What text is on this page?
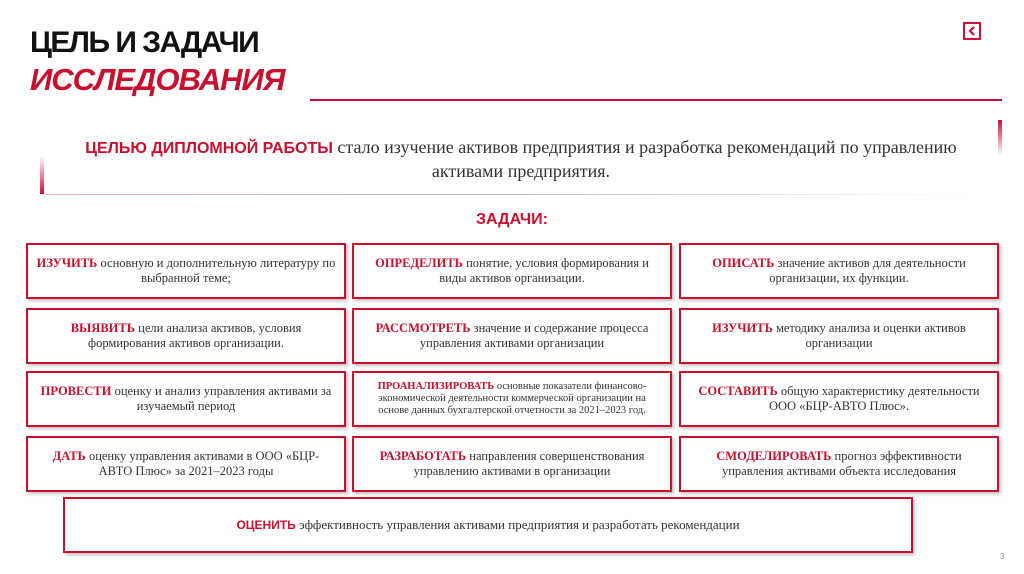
ЦЕЛЬ И ЗАДАЧИ
ИССЛЕДОВАНИЯ
ЦЕЛЬЮ ДИПЛОМНОЙ РАБОТЫ стало изучение активов предприятия и разработка рекомендаций по управлению активами предприятия.
ЗАДАЧИ:
ИЗУЧИТЬ основную и дополнительную литературу по выбранной теме;
ОПРЕДЕЛИТЬ понятие, условия формирования и виды активов организации.
ОПИСАТЬ значение активов для деятельности организации, их функции.
ВЫЯВИТЬ цели анализа активов, условия формирования активов организации.
РАССМОТРЕТЬ значение и содержание процесса управления активами организации
ИЗУЧИТЬ методику анализа и оценки активов организации
ПРОВЕСТИ оценку и анализ управления активами за изучаемый период
ПРОАНАЛИЗИРОВАТЬ основные показатели финансово-экономической деятельности коммерческой организации на основе данных бухгалтерской отчетности за 2021–2023 год.
СОСТАВИТЬ общую характеристику деятельности ООО «БЦР-АВТО Плюс».
ДАТЬ оценку управления активами в ООО «БЦР-АВТО Плюс» за 2021–2023 годы
РАЗРАБОТАТЬ направления совершенствования управлению активами в организации
СМОДЕЛИРОВАТЬ прогноз эффективности управления активами объекта исследования
ОЦЕНИТЬ эффективность управления активами предприятия и разработать рекомендации
3
